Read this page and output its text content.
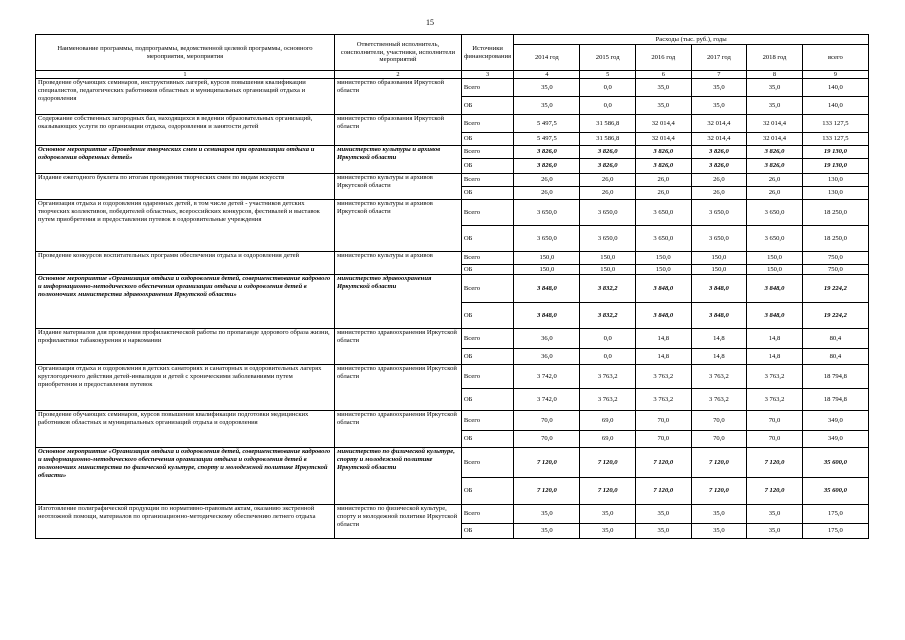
15
Наименование программы, подпрограммы, ведомственной целевой программы, основного мероприятия, мероприятия	Ответственный исполнитель, соисполнители, участники, исполнители мероприятий	Источники финансирования	Расходы (тыс. руб.), годы					
			2014 год	2015 год	2016 год	2017 год	2018 год	всего
1	2	3	4	5	6	7	8	9
Проведение обучающих семинаров, инструктивных лагерей, курсов повышения квалификации специалистов, педагогических работников областных и муниципальных организаций отдыха и оздоровления	министерство образования Иркутской области	Всего	35,0	0,0	35,0	35,0	35,0	140,0
		ОБ	35,0	0,0	35,0	35,0	35,0	140,0
Содержание собственных загородных баз, находящихся в ведении образовательных организаций, оказывающих услуги по организации отдыха, оздоровления и занятости детей	министерство образования Иркутской области	Всего	5 497,5	31 586,8	32 014,4	32 014,4	32 014,4	133 127,5
		ОБ	5 497,5	31 586,8	32 014,4	32 014,4	32 014,4	133 127,5
Основное мероприятие «Проведение творческих смен и семинаров при организации отдыха и оздоровления одаренных детей»	министерство культуры и архивов Иркутской области	Всего	3 826,0	3 826,0	3 826,0	3 826,0	3 826,0	19 130,0
		ОБ	3 826,0	3 826,0	3 826,0	3 826,0	3 826,0	19 130,0
Издание ежегодного буклета по итогам проведения творческих смен по видам искусств	министерство культуры и архивов Иркутской области	Всего	26,0	26,0	26,0	26,0	26,0	130,0
		ОБ	26,0	26,0	26,0	26,0	26,0	130,0
Организация отдыха и оздоровления одаренных детей, в том числе детей - участников детских творческих коллективов, победителей областных, всероссийских конкурсов, фестивалей и выставок путем приобретения и предоставления путевок в оздоровительные учреждения	министерство культуры и архивов Иркутской области	Всего	3 650,0	3 650,0	3 650,0	3 650,0	3 650,0	18 250,0
		ОБ	3 650,0	3 650,0	3 650,0	3 650,0	3 650,0	18 250,0
Проведение конкурсов воспитательных программ обеспечения отдыха и оздоровления детей	министерство культуры и архивов	Всего	150,0	150,0	150,0	150,0	150,0	750,0
		ОБ	150,0	150,0	150,0	150,0	150,0	750,0
Основное мероприятие «Организация отдыха и оздоровления детей, совершенствование кадрового и информационно-методического обеспечения организации отдыха и оздоровления детей в полномочиях министерства здравоохранения Иркутской области»	министерство здравоохранения Иркутской области	Всего	3 848,0	3 832,2	3 848,0	3 848,0	3 848,0	19 224,2
		ОБ	3 848,0	3 832,2	3 848,0	3 848,0	3 848,0	19 224,2
Издание материалов для проведения профилактической работы по пропаганде здорового образа жизни, профилактики табакокурения и наркомании	министерство здравоохранения Иркутской области	Всего	36,0	0,0	14,8	14,8	14,8	80,4
		ОБ	36,0	0,0	14,8	14,8	14,8	80,4
Организация отдыха и оздоровления в детских санаториях и санаторных и оздоровительных лагерях круглогодичного действия детей-инвалидов и детей с хроническими заболеваниями путем приобретения и предоставления путевок	министерство здравоохранения Иркутской области	Всего	3 742,0	3 763,2	3 763,2	3 763,2	3 763,2	18 794,8
		ОБ	3 742,0	3 763,2	3 763,2	3 763,2	3 763,2	18 794,8
Проведение обучающих семинаров, курсов повышения квалификации подготовки медицинских работников областных и муниципальных организаций отдыха и оздоровления	министерство здравоохранения Иркутской области	Всего	70,0	69,0	70,0	70,0	70,0	349,0
		ОБ	70,0	69,0	70,0	70,0	70,0	349,0
Основное мероприятие «Организация отдыха и оздоровления детей, совершенствование кадрового и информационно-методического обеспечения организации отдыха и оздоровления детей в полномочиях министерства по физической культуре, спорту и молодежной политике Иркутской области»	министерство по физической культуре, спорту и молодежной политике Иркутской области	Всего	7 120,0	7 120,0	7 120,0	7 120,0	7 120,0	35 600,0
		ОБ	7 120,0	7 120,0	7 120,0	7 120,0	7 120,0	35 600,0
Изготовление полиграфической продукции по нормативно-правовым актам, оказанию экстренной неотложной помощи, материалов по организационно-методическому обеспечению летнего отдыха	министерство по физической культуре, спорту и молодежной политике Иркутской области	Всего	35,0	35,0	35,0	35,0	35,0	175,0
		ОБ	35,0	35,0	35,0	35,0	35,0	175,0
